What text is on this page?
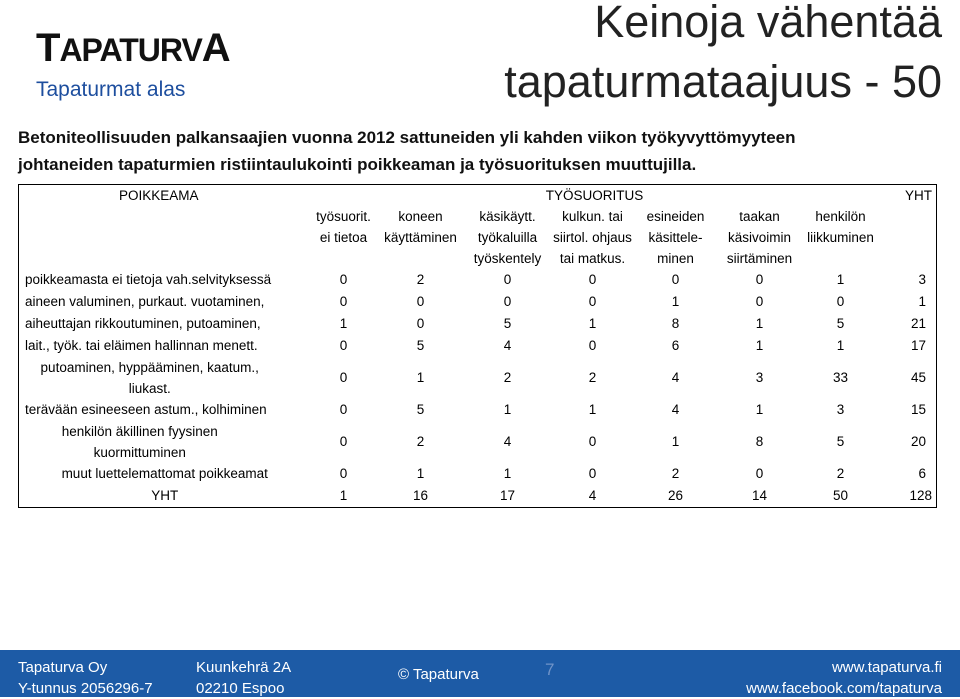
TAPATURVA
Tapaturmat alas
Keinoja vähentää
tapaturmataajuus - 50
Betoniteollisuuden palkansaajien vuonna 2012 sattuneiden yli kahden viikon työkyvyttömyyteen
johtaneiden tapaturmien ristiintaulukointi poikkeaman ja työsuorituksen muuttujilla.
POIKKEAMA	TYÖSUORITUS							YHT

	työsuorit.	koneen	käsikäytt.	kulkun. tai	esineiden	taakan	henkilön	

	ei tietoa	käyttäminen	työkaluilla	siirtol. ohjaus	käsittele-	käsivoimin	liikkuminen	

			työskentely	tai matkus.	minen	siirtäminen		

poikkeamasta ei tietoja vah.selvityksessä	0	2	0	0	0	0	1	3
aineen valuminen, purkaut. vuotaminen,	0	0	0	0	1	0	0	1
aiheuttajan rikkoutuminen, putoaminen,	1	0	5	1	8	1	5	21
lait., työk. tai eläimen hallinnan menett.	0	5	4	0	6	1	1	17
putoaminen, hyppääminen, kaatum., liukast.	0	1	2	2	4	3	33	45
terävään esineeseen astum., kolhiminen	0	5	1	1	4	1	3	15
henkilön äkillinen fyysinen kuormittuminen	0	2	4	0	1	8	5	20
muut luettelemattomat poikkeamat	0	1	1	0	2	0	2	6
YHT	1	16	17	4	26	14	50	128
Tapaturva Oy
Y-tunnus 2056296-7
Kuunkehrä 2A
02210 Espoo
© Tapaturva	7	www.tapaturva.fi
www.facebook.com/tapaturva
